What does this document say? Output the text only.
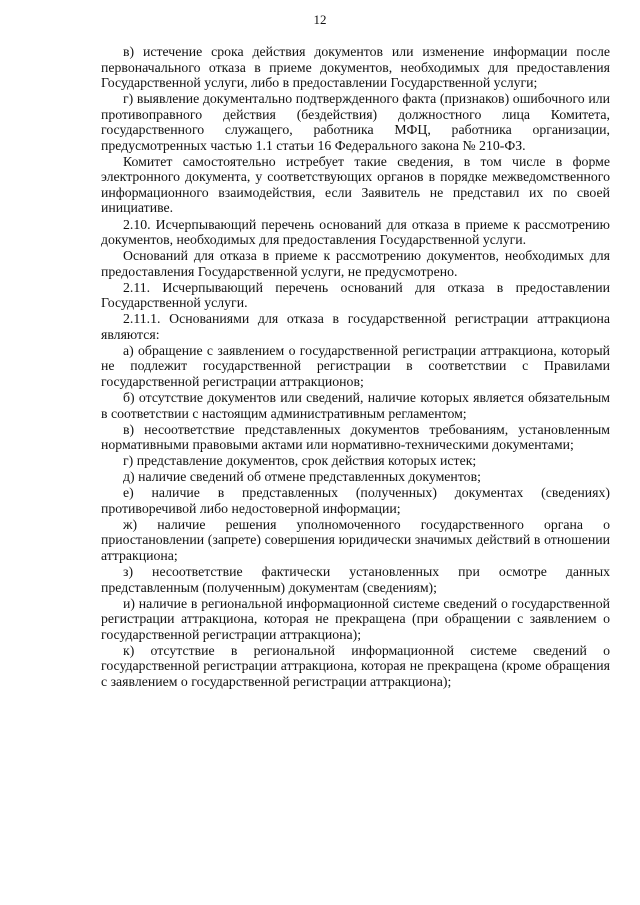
12

в) истечение срока действия документов или изменение информации после первоначального отказа в приеме документов, необходимых для предоставления Государственной услуги, либо в предоставлении Государственной услуги;

г) выявление документально подтвержденного факта (признаков) ошибочного или противоправного действия (бездействия) должностного лица Комитета, государственного служащего, работника МФЦ, работника организации, предусмотренных частью 1.1 статьи 16 Федерального закона № 210-ФЗ.

Комитет самостоятельно истребует такие сведения, в том числе в форме электронного документа, у соответствующих органов в порядке межведомственного информационного взаимодействия, если Заявитель не представил их по своей инициативе.

2.10. Исчерпывающий перечень оснований для отказа в приеме к рассмотрению документов, необходимых для предоставления Государственной услуги.

Оснований для отказа в приеме к рассмотрению документов, необходимых для предоставления Государственной услуги, не предусмотрено.

2.11. Исчерпывающий перечень оснований для отказа в предоставлении Государственной услуги.

2.11.1. Основаниями для отказа в государственной регистрации аттракциона являются:

а) обращение с заявлением о государственной регистрации аттракциона, который не подлежит государственной регистрации в соответствии с Правилами государственной регистрации аттракционов;

б) отсутствие документов или сведений, наличие которых является обязательным в соответствии с настоящим административным регламентом;

в) несоответствие представленных документов требованиям, установленным нормативными правовыми актами или нормативно-техническими документами;

г) представление документов, срок действия которых истек;

д) наличие сведений об отмене представленных документов;

е) наличие в представленных (полученных) документах (сведениях) противоречивой либо недостоверной информации;

ж) наличие решения уполномоченного государственного органа о приостановлении (запрете) совершения юридически значимых действий в отношении аттракциона;

з) несоответствие фактически установленных при осмотре данных представленным (полученным) документам (сведениям);

и) наличие в региональной информационной системе сведений о государственной регистрации аттракциона, которая не прекращена (при обращении с заявлением о государственной регистрации аттракциона);

к) отсутствие в региональной информационной системе сведений о государственной регистрации аттракциона, которая не прекращена (кроме обращения с заявлением о государственной регистрации аттракциона);
